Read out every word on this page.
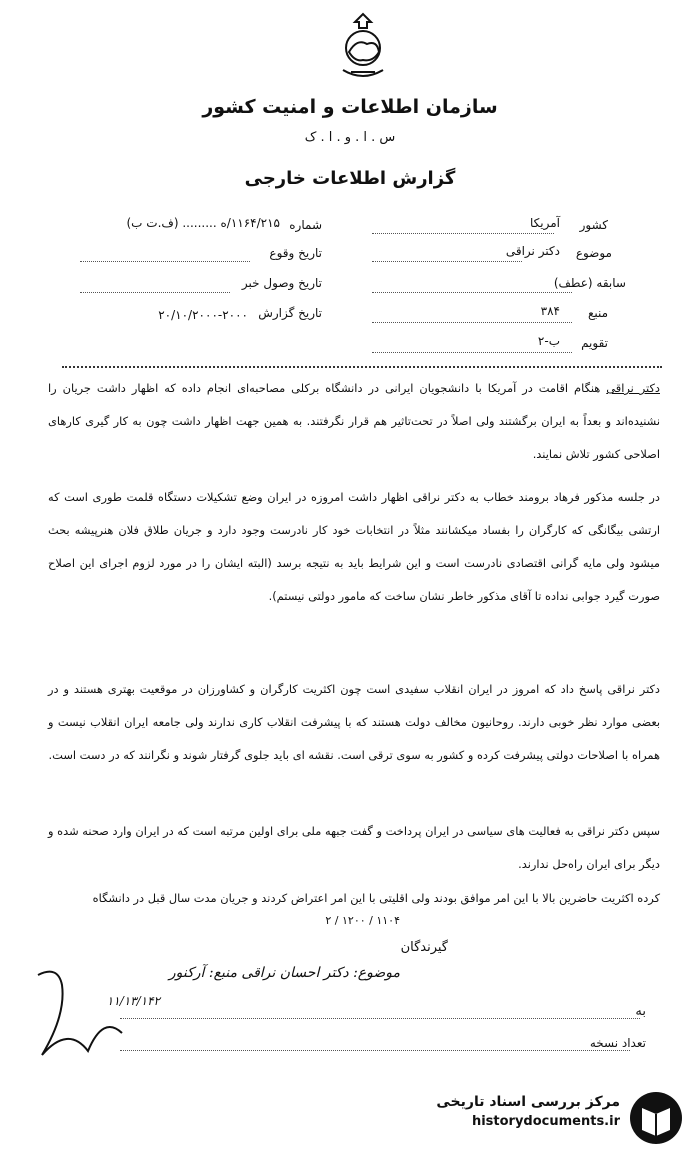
سازمان اطلاعات و امنیت کشور
س . ا . و . ا . ک
گزارش اطلاعات خارجی
کشور
آمریکا
موضوع
دکتر نراقی
سابقه (عطف)
منبع
۳۸۴
تقویم
ب-۲
شماره
۱۱۶۴/۲۱۵/ه ......... (ف.ت ب)
تاریخ وقوع
تاریخ وصول خبر
تاریخ گزارش
۲۰/۱۰/۲۰۰۰-۲۰۰۰
دکتر نراقی هنگام اقامت در آمریکا با دانشجویان ایرانی در دانشگاه برکلی مصاحبه‌ای انجام داده که اظهار داشت جریان را نشنیده‌اند و بعداً به ایران برگشتند ولی اصلاً در تحت‌تاثیر هم قرار نگرفتند. به همین جهت اظهار داشت چون به کار گیری کارهای اصلاحی کشور تلاش نمایند.
در جلسه مذکور فرهاد برومند خطاب به دکتر نراقی اظهار داشت امروزه در ایران وضع تشکیلات دستگاه قلمت طوری است که ارتشی بیگانگی که کارگران را بفساد میکشانند مثلاً در انتخابات خود کار نادرست وجود دارد و جریان طلاق فلان هنرپیشه بحث میشود ولی مایه گرانی اقتصادی نادرست است و این شرایط باید به نتیجه برسد (البته ایشان را در مورد لزوم اجرای این اصلاح صورت گیرد جوابی نداده تا آقای مذکور خاطر نشان ساخت که مامور دولتی نیستم).
دکتر نراقی پاسخ داد که امروز در ایران انقلاب سفیدی است چون اکثریت کارگران و کشاورزان در موقعیت بهتری هستند و در بعضی موارد نظر خوبی دارند. روحانیون مخالف دولت هستند که با پیشرفت انقلاب کاری ندارند ولی جامعه ایران انقلاب نیست و همراه با اصلاحات دولتی پیشرفت کرده و کشور به سوی ترقی است. نقشه ای باید جلوی گرفتار شوند و نگرانند که در دست است.
سپس دکتر نراقی به فعالیت های سیاسی در ایران پرداخت و گفت جبهه ملی برای اولین مرتبه است که در ایران وارد صحنه شده و دیگر برای ایران راه‌حل ندارند.
کرده اکثریت حاضرین بالا با این امر موافق بودند ولی اقلیتی با این امر اعتراض کردند و جریان مدت سال قبل در دانشگاه
۱۱۰۴ / ۱۲۰۰ / ۲
گیرندگان
موضوع: دکتر احسان نراقی منبع: آرکنور
۱۱/۱۳/۱۴۲
به
تعداد نسخه
مرکز بررسی اسناد تاریخی
historydocuments.ir
